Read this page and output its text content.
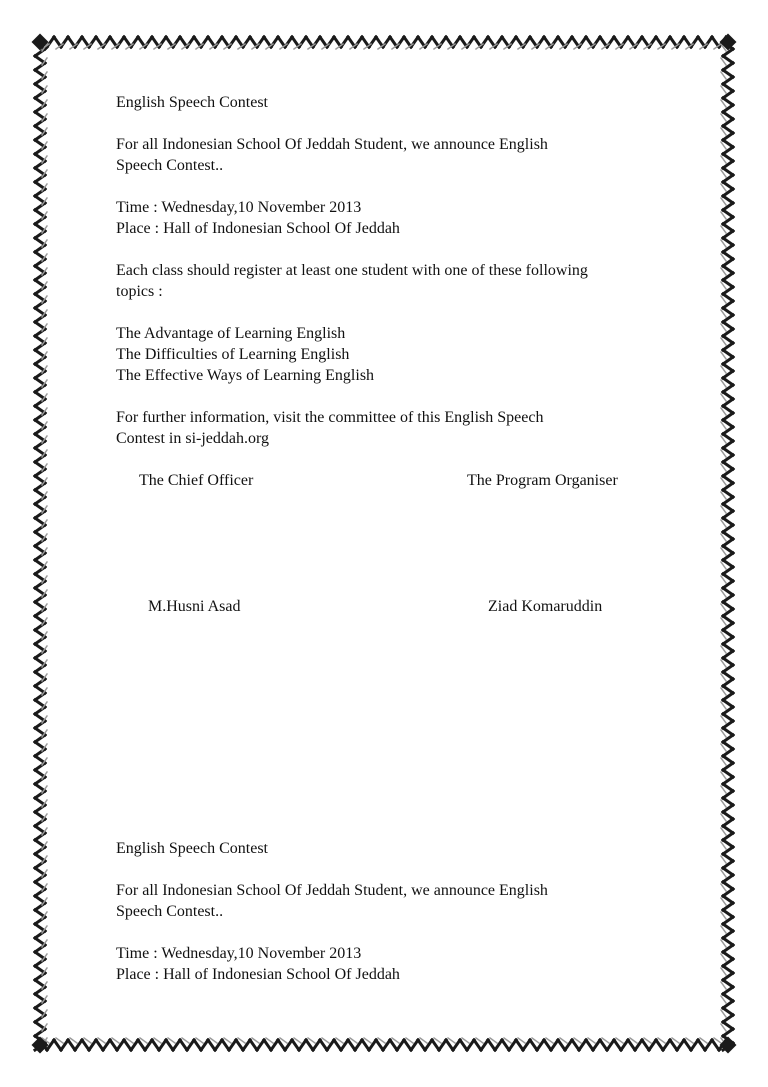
English Speech Contest

For all Indonesian School Of Jeddah Student, we announce English

Speech Contest..

Time : Wednesday,10 November 2013

Place : Hall of Indonesian School Of Jeddah

Each class should register at least one student with one of these following

topics :

The Advantage of Learning English

The Difficulties of Learning English

The Effective Ways of Learning English

For further information, visit the committee of this English Speech

Contest in si-jeddah.org

The Chief Officer	The Program Organiser
M.Husni Asad	Ziad Komaruddin

English Speech Contest

For all Indonesian School Of Jeddah Student, we announce English

Speech Contest..

Time : Wednesday,10 November 2013

Place : Hall of Indonesian School Of Jeddah
